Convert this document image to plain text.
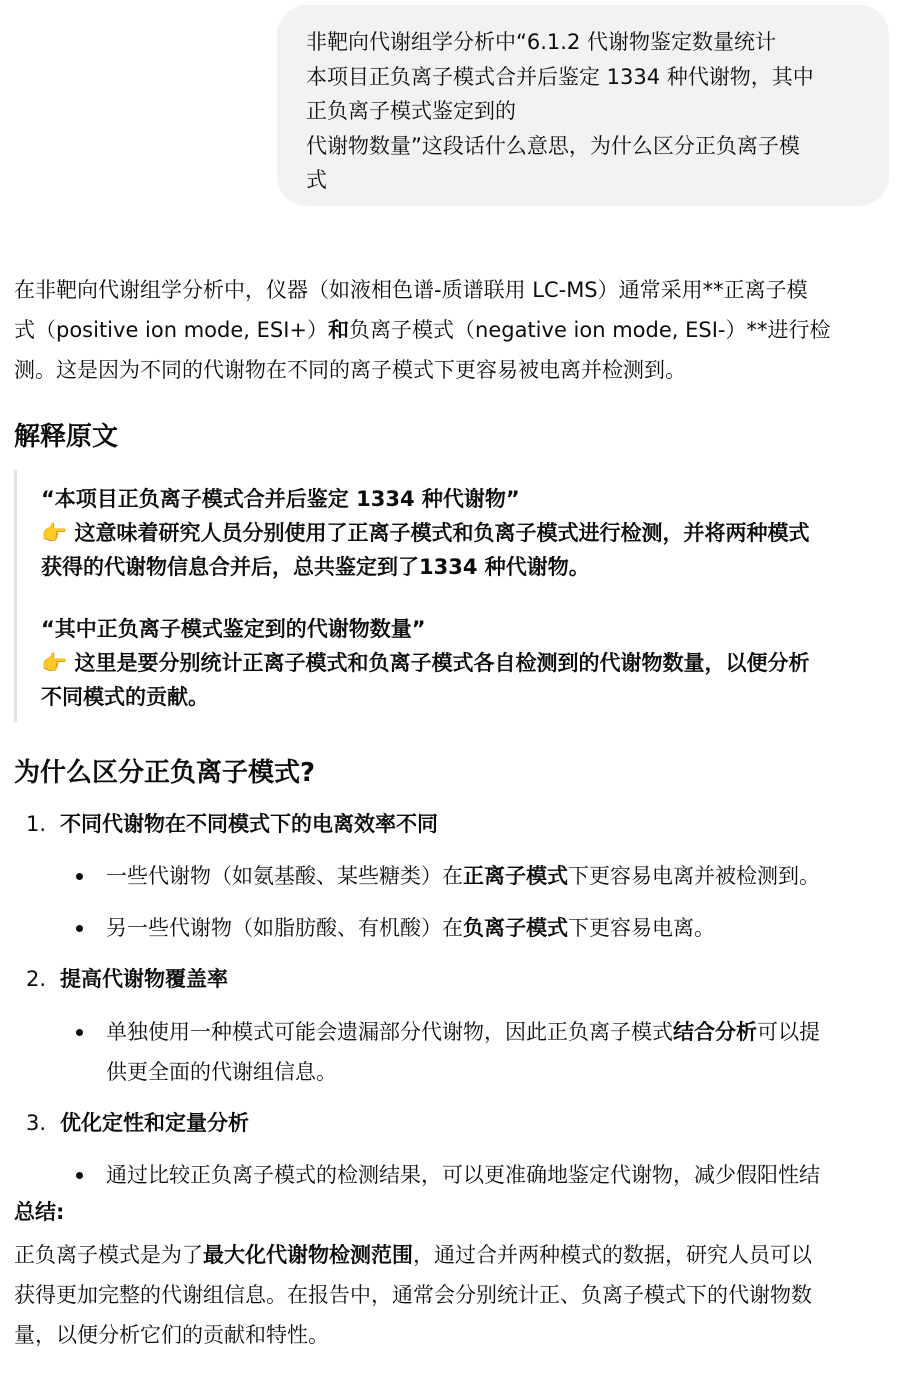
非靶向代谢组学分析中“6.1.2 代谢物鉴定数量统计
本项目正负离子模式合并后鉴定 1334 种代谢物，其中
正负离子模式鉴定到的
代谢物数量”这段话什么意思，为什么区分正负离子模
式
在非靶向代谢组学分析中，仪器（如液相色谱-质谱联用 LC-MS）通常采用**正离子模
式（positive ion mode, ESI+）和负离子模式（negative ion mode, ESI-）**进行检
测。这是因为不同的代谢物在不同的离子模式下更容易被电离并检测到。
解释原文
“本项目正负离子模式合并后鉴定 1334 种代谢物”
👉 这意味着研究人员分别使用了正离子模式和负离子模式进行检测，并将两种模式
获得的代谢物信息合并后，总共鉴定到了1334 种代谢物。
“其中正负离子模式鉴定到的代谢物数量”
👉 这里是要分别统计正离子模式和负离子模式各自检测到的代谢物数量，以便分析
不同模式的贡献。
为什么区分正负离子模式?
1. 不同代谢物在不同模式下的电离效率不同
一些代谢物（如氨基酸、某些糖类）在正离子模式下更容易电离并被检测到。
另一些代谢物（如脂肪酸、有机酸）在负离子模式下更容易电离。
2. 提高代谢物覆盖率
单独使用一种模式可能会遗漏部分代谢物，因此正负离子模式结合分析可以提
供更全面的代谢组信息。
3. 优化定性和定量分析
通过比较正负离子模式的检测结果，可以更准确地鉴定代谢物，减少假阳性结
总结:
正负离子模式是为了最大化代谢物检测范围，通过合并两种模式的数据，研究人员可以
获得更加完整的代谢组信息。在报告中，通常会分别统计正、负离子模式下的代谢物数
量，以便分析它们的贡献和特性。
